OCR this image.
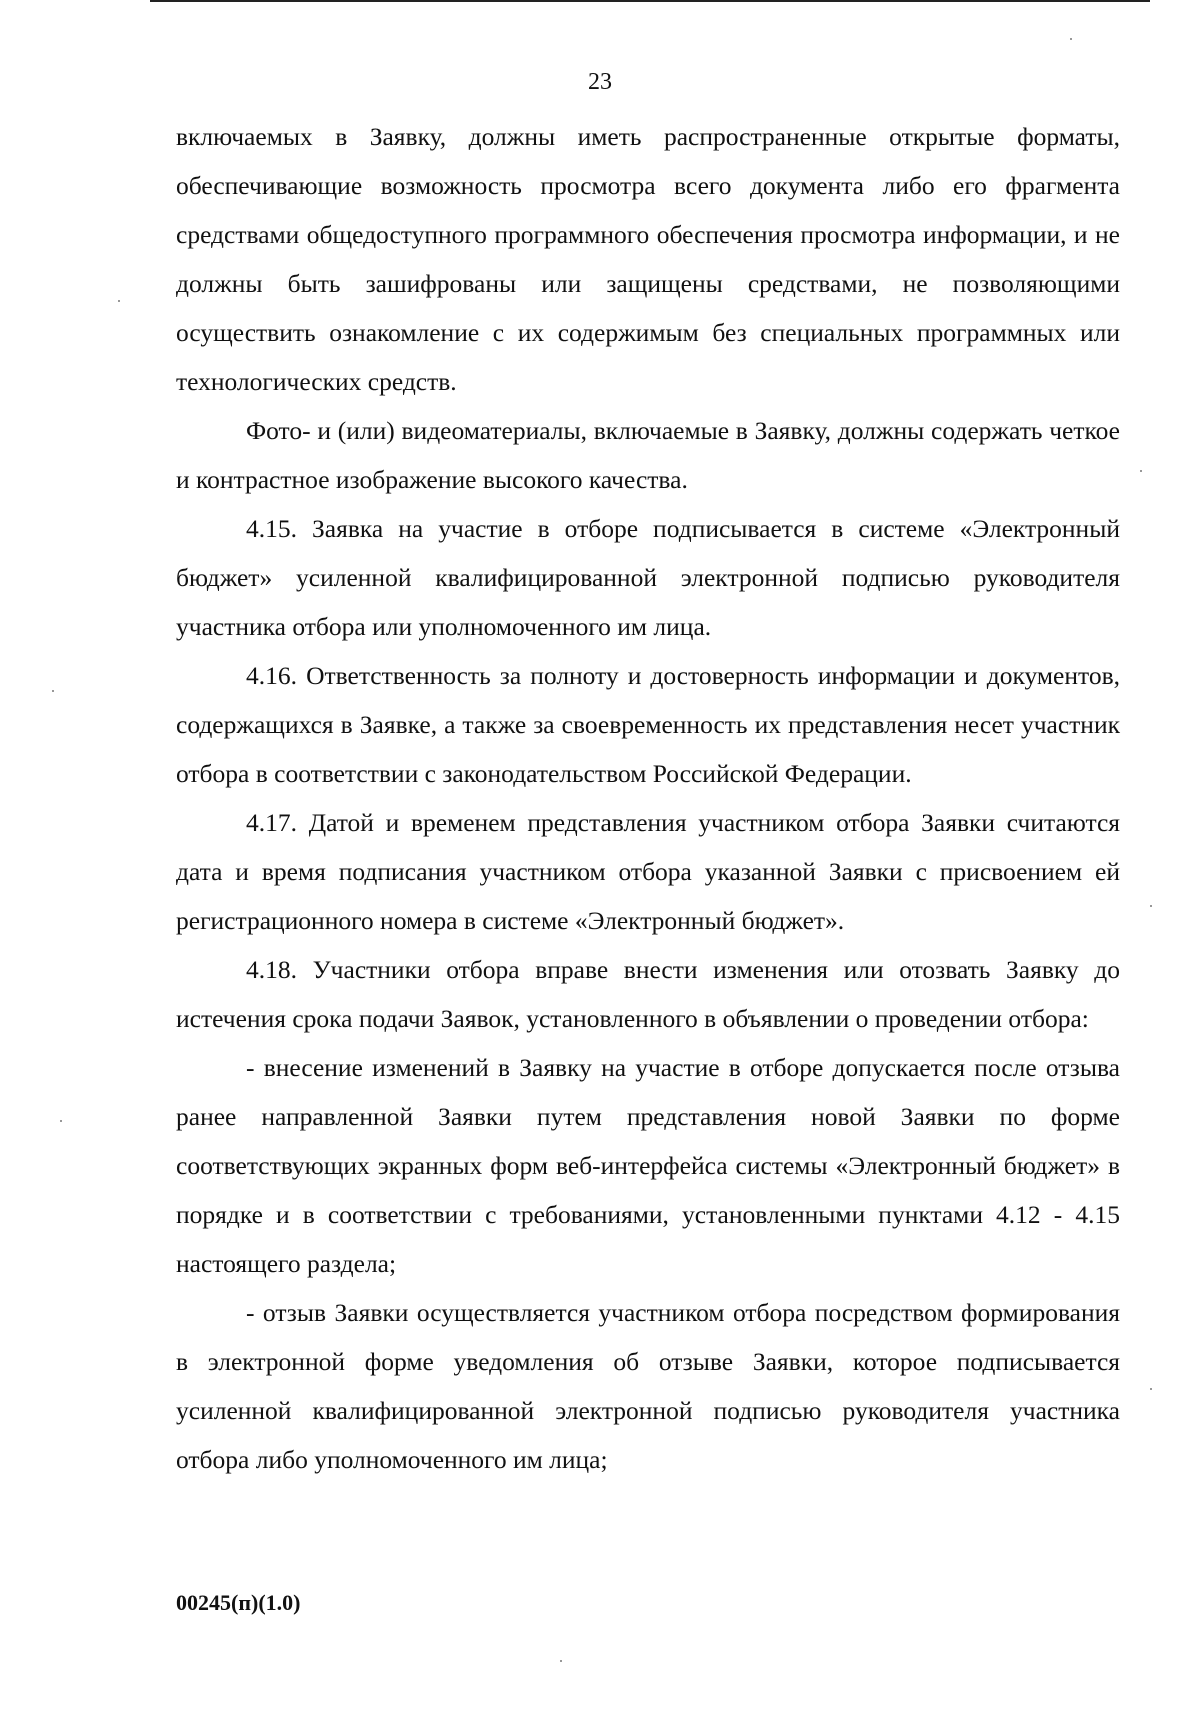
23

включаемых в Заявку, должны иметь распространенные открытые форматы, обеспечивающие возможность просмотра всего документа либо его фрагмента средствами общедоступного программного обеспечения просмотра информации, и не должны быть зашифрованы или защищены средствами, не позволяющими осуществить ознакомление с их содержимым без специальных программных или технологических средств.

Фото- и (или) видеоматериалы, включаемые в Заявку, должны содержать четкое и контрастное изображение высокого качества.

4.15. Заявка на участие в отборе подписывается в системе «Электронный бюджет» усиленной квалифицированной электронной подписью руководителя участника отбора или уполномоченного им лица.

4.16. Ответственность за полноту и достоверность информации и документов, содержащихся в Заявке, а также за своевременность их представления несет участник отбора в соответствии с законодательством Российской Федерации.

4.17. Датой и временем представления участником отбора Заявки считаются дата и время подписания участником отбора указанной Заявки с присвоением ей регистрационного номера в системе «Электронный бюджет».

4.18. Участники отбора вправе внести изменения или отозвать Заявку до истечения срока подачи Заявок, установленного в объявлении о проведении отбора:

- внесение изменений в Заявку на участие в отборе допускается после отзыва ранее направленной Заявки путем представления новой Заявки по форме соответствующих экранных форм веб-интерфейса системы «Электронный бюджет» в порядке и в соответствии с требованиями, установленными пунктами 4.12 - 4.15 настоящего раздела;

- отзыв Заявки осуществляется участником отбора посредством формирования в электронной форме уведомления об отзыве Заявки, которое подписывается усиленной квалифицированной электронной подписью руководителя участника отбора либо уполномоченного им лица;

00245(п)(1.0)
